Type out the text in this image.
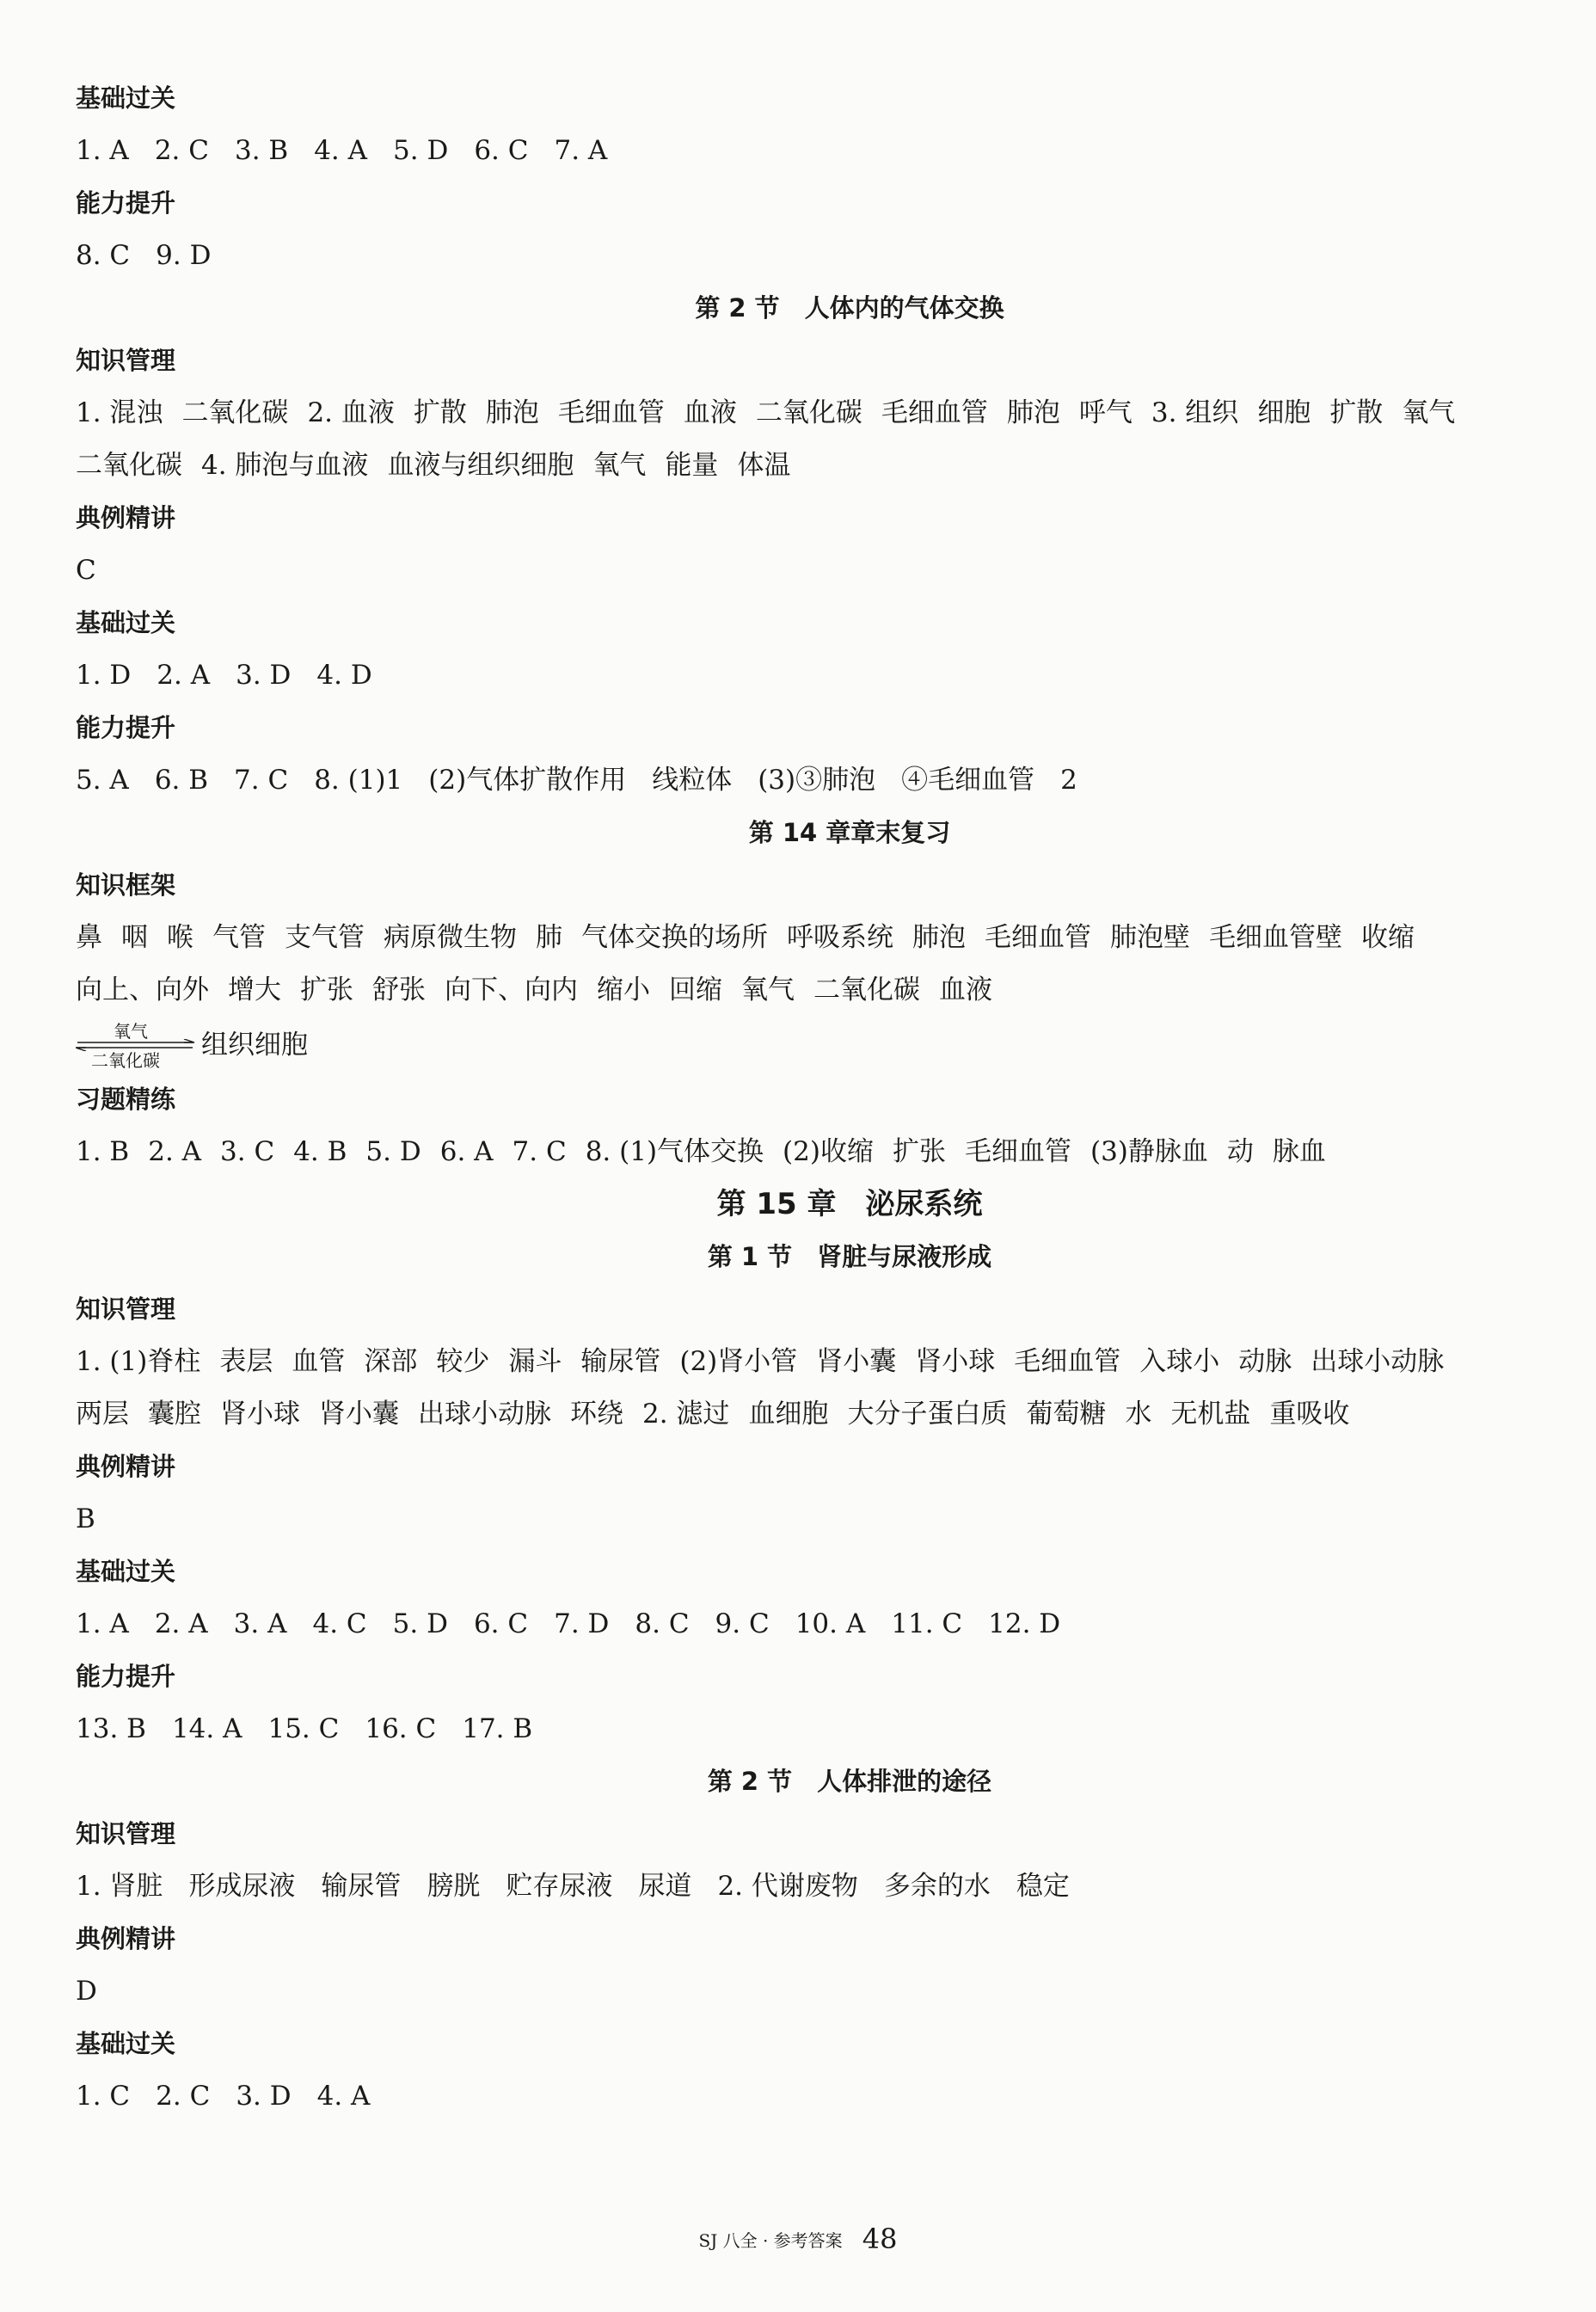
基础过关
1. A 2. C 3. B 4. A 5. D 6. C 7. A
能力提升
8. C 9. D
第 2 节　人体内的气体交换
知识管理
1. 混浊 二氧化碳 2. 血液 扩散 肺泡 毛细血管 血液 二氧化碳 毛细血管 肺泡 呼气 3. 组织 细胞 扩散 氧气二氧化碳 4. 肺泡与血液 血液与组织细胞 氧气 能量 体温
典例精讲
C
基础过关
1. D 2. A 3. D 4. D
能力提升
5. A 6. B 7. C 8. (1)1 (2)气体扩散作用 线粒体 (3)③肺泡 ④毛细血管 2
第 14 章章末复习
知识框架
鼻 咽 喉 气管 支气管 病原微生物 肺 气体交换的场所 呼吸系统 肺泡 毛细血管 肺泡壁 毛细血管壁 收缩向上、向外 增大 扩张 舒张 向下、向内 缩小 回缩 氧气 二氧化碳 血液
氧气
二氧化碳 组织细胞
习题精练
1. B 2. A 3. C 4. B 5. D 6. A 7. C 8. (1)气体交换 (2)收缩 扩张 毛细血管 (3)静脉血 动 脉血
第 15 章　泌尿系统
第 1 节　肾脏与尿液形成
知识管理
1. (1)脊柱 表层 血管 深部 较少 漏斗 输尿管 (2)肾小管 肾小囊 肾小球 毛细血管 入球小 动脉 出球小动脉两层 囊腔 肾小球 肾小囊 出球小动脉 环绕 2. 滤过 血细胞 大分子蛋白质 葡萄糖 水 无机盐 重吸收
典例精讲
B
基础过关
1. A 2. A 3. A 4. C 5. D 6. C 7. D 8. C 9. C 10. A 11. C 12. D
能力提升
13. B 14. A 15. C 16. C 17. B
第 2 节　人体排泄的途径
知识管理
1. 肾脏 形成尿液 输尿管 膀胱 贮存尿液 尿道 2. 代谢废物 多余的水 稳定
典例精讲
D
基础过关
1. C 2. C 3. D 4. A
SJ 八全 · 参考答案 48
